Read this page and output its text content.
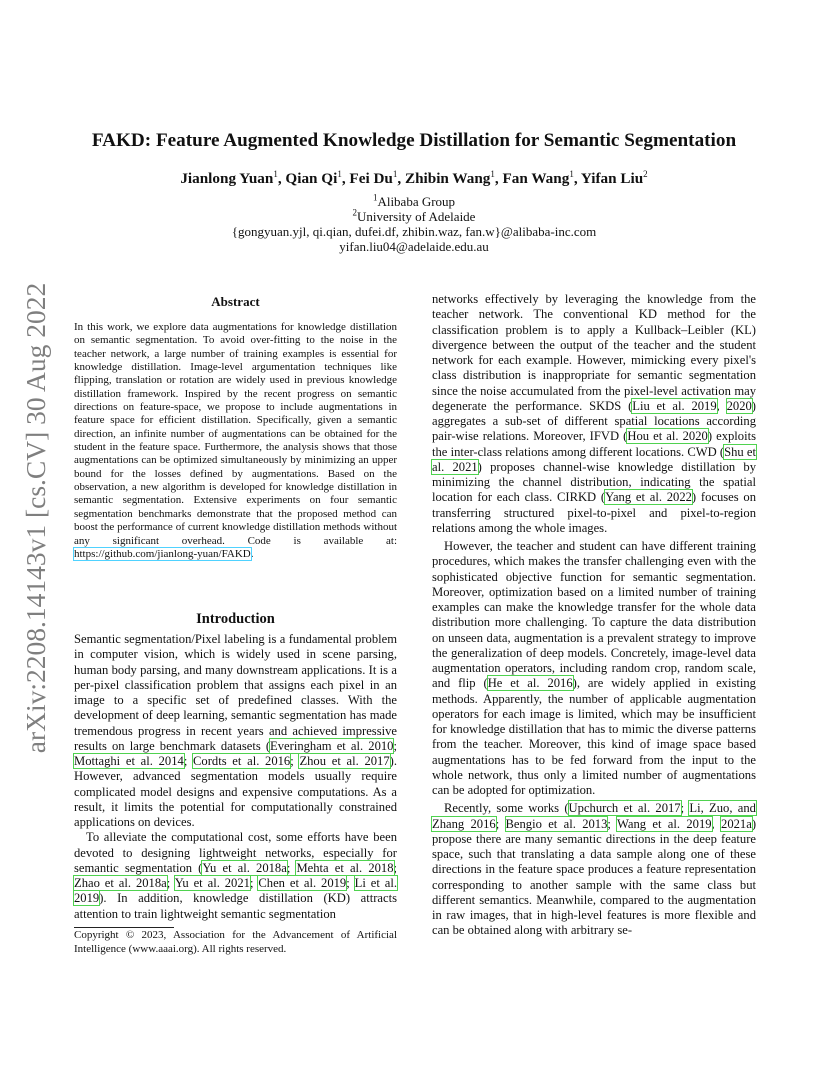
arXiv:2208.14143v1 [cs.CV] 30 Aug 2022
FAKD: Feature Augmented Knowledge Distillation for Semantic Segmentation
Jianlong Yuan$^1$, Qian Qi$^1$, Fei Du$^1$, Zhibin Wang$^1$, Fan Wang$^1$, Yifan Liu$^2$
$^1$Alibaba Group
$^2$University of Adelaide
{gongyuan.yjl, qi.qian, dufei.df, zhibin.waz, fan.w}@alibaba-inc.com
yifan.liu04@adelaide.edu.au
Abstract

In this work, we explore data augmentations for knowledge distillation on semantic segmentation. To avoid over-fitting to the noise in the teacher network, a large number of training examples is essential for knowledge distillation. Image-level argumentation techniques like flipping, translation or rotation are widely used in previous knowledge distillation framework. Inspired by the recent progress on semantic directions on feature-space, we propose to include augmentations in feature space for efficient distillation. Specifically, given a semantic direction, an infinite number of augmentations can be obtained for the student in the feature space. Furthermore, the analysis shows that those augmentations can be optimized simultaneously by minimizing an upper bound for the losses defined by augmentations. Based on the observation, a new algorithm is developed for knowledge distillation in semantic segmentation. Extensive experiments on four semantic segmentation benchmarks demonstrate that the proposed method can boost the performance of current knowledge distillation methods without any significant overhead. Code is available at: https://github.com/jianlong-yuan/FAKD.

Introduction

Semantic segmentation/Pixel labeling is a fundamental problem in computer vision, which is widely used in scene parsing, human body parsing, and many downstream applications. It is a per-pixel classification problem that assigns each pixel in an image to a specific set of predefined classes. With the development of deep learning, semantic segmentation has made tremendous progress in recent years and achieved impressive results on large benchmark datasets (Everingham et al. 2010; Mottaghi et al. 2014; Cordts et al. 2016; Zhou et al. 2017). However, advanced segmentation models usually require complicated model designs and expensive computations. As a result, it limits the potential for computationally constrained applications on devices.

To alleviate the computational cost, some efforts have been devoted to designing lightweight networks, especially for semantic segmentation (Yu et al. 2018a; Mehta et al. 2018; Zhao et al. 2018a; Yu et al. 2021; Chen et al. 2019; Li et al. 2019). In addition, knowledge distillation (KD) attracts attention to train lightweight semantic segmentation

Copyright © 2023, Association for the Advancement of Artificial Intelligence (www.aaai.org). All rights reserved.

networks effectively by leveraging the knowledge from the teacher network. The conventional KD method for the classification problem is to apply a Kullback–Leibler (KL) divergence between the output of the teacher and the student network for each example. However, mimicking every pixel's class distribution is inappropriate for semantic segmentation since the noise accumulated from the pixel-level activation may degenerate the performance. SKDS (Liu et al. 2019, 2020) aggregates a sub-set of different spatial locations according pair-wise relations. Moreover, IFVD (Hou et al. 2020) exploits the inter-class relations among different locations. CWD (Shu et al. 2021) proposes channel-wise knowledge distillation by minimizing the channel distribution, indicating the spatial location for each class. CIRKD (Yang et al. 2022) focuses on transferring structured pixel-to-pixel and pixel-to-region relations among the whole images.

However, the teacher and student can have different training procedures, which makes the transfer challenging even with the sophisticated objective function for semantic segmentation. Moreover, optimization based on a limited number of training examples can make the knowledge transfer for the whole data distribution more challenging. To capture the data distribution on unseen data, augmentation is a prevalent strategy to improve the generalization of deep models. Concretely, image-level data augmentation operators, including random crop, random scale, and flip (He et al. 2016), are widely applied in existing methods. Apparently, the number of applicable augmentation operators for each image is limited, which may be insufficient for knowledge distillation that has to mimic the diverse patterns from the teacher. Moreover, this kind of image space based augmentations has to be fed forward from the input to the whole network, thus only a limited number of augmentations can be adopted for optimization.

Recently, some works (Upchurch et al. 2017; Li, Zuo, and Zhang 2016; Bengio et al. 2013; Wang et al. 2019, 2021a) propose there are many semantic directions in the deep feature space, such that translating a data sample along one of these directions in the feature space produces a feature representation corresponding to another sample with the same class but different semantics. Meanwhile, compared to the augmentation in raw images, that in high-level features is more flexible and can be obtained along with arbitrary se-
